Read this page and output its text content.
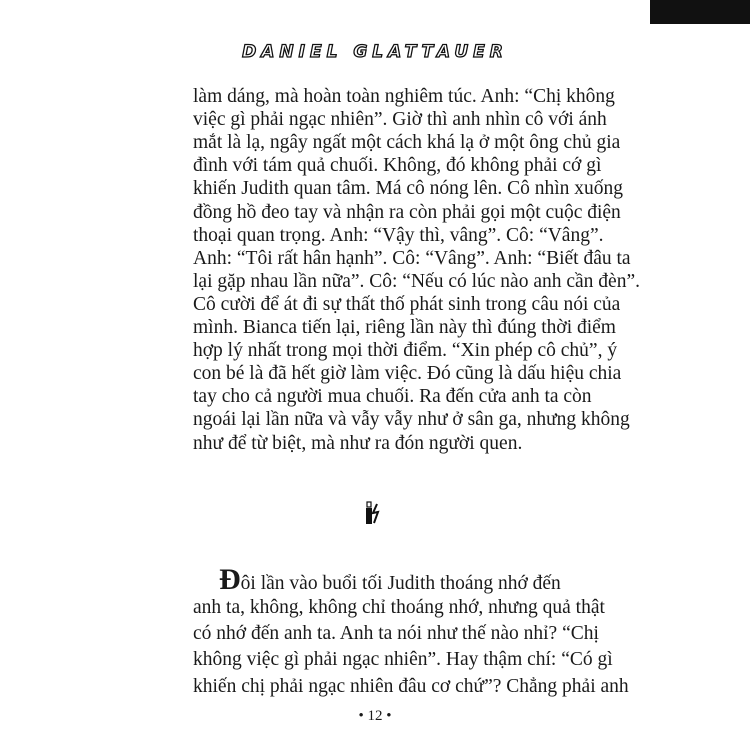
DANIEL GLATTAUER
làm dáng, mà hoàn toàn nghiêm túc. Anh: “Chị không
việc gì phải ngạc nhiên”. Giờ thì anh nhìn cô với ánh
mắt là lạ, ngây ngất một cách khá lạ ở một ông chủ gia
đình với tám quả chuối. Không, đó không phải cớ gì
khiến Judith quan tâm. Má cô nóng lên. Cô nhìn xuống
đồng hồ đeo tay và nhận ra còn phải gọi một cuộc điện
thoại quan trọng. Anh: “Vậy thì, vâng”. Cô: “Vâng”.
Anh: “Tôi rất hân hạnh”. Cô: “Vâng”. Anh: “Biết đâu ta
lại gặp nhau lần nữa”. Cô: “Nếu có lúc nào anh cần đèn”.
Cô cười để át đi sự thất thố phát sinh trong câu nói của
mình. Bianca tiến lại, riêng lần này thì đúng thời điểm
hợp lý nhất trong mọi thời điểm. “Xin phép cô chủ”, ý
con bé là đã hết giờ làm việc. Đó cũng là dấu hiệu chia
tay cho cả người mua chuối. Ra đến cửa anh ta còn
ngoái lại lần nữa và vẫy vẫy như ở sân ga, nhưng không
như để từ biệt, mà như ra đón người quen.
Đôi lần vào buổi tối Judith thoáng nhớ đến
anh ta, không, không chỉ thoáng nhớ, nhưng quả thật
có nhớ đến anh ta. Anh ta nói như thế nào nhỉ? “Chị
không việc gì phải ngạc nhiên”. Hay thậm chí: “Có gì
khiến chị phải ngạc nhiên đâu cơ chứ”? Chẳng phải anh
• 12 •
